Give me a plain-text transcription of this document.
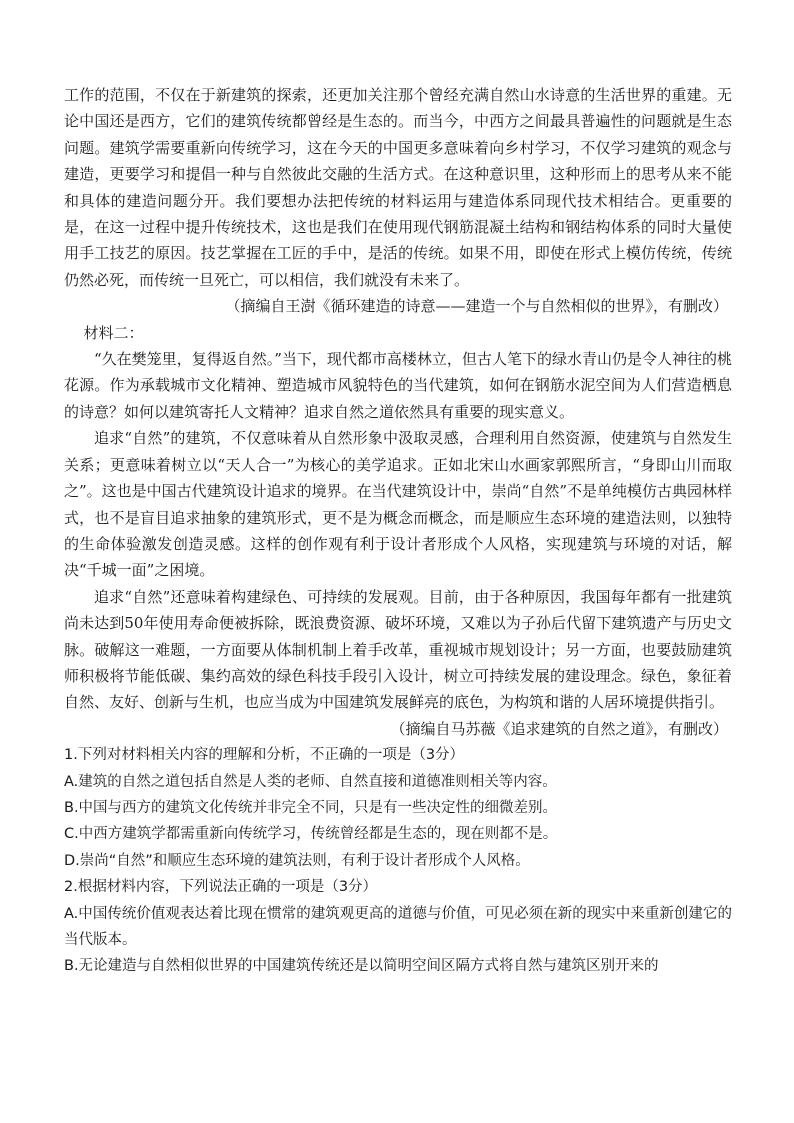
工作的范围，不仅在于新建筑的探索，还更加关注那个曾经充满自然山水诗意的生活世界的重建。无论中国还是西方，它们的建筑传统都曾经是生态的。而当今，中西方之间最具普遍性的问题就是生态问题。建筑学需要重新向传统学习，这在今天的中国更多意味着向乡村学习，不仅学习建筑的观念与建造，更要学习和提倡一种与自然彼此交融的生活方式。在这种意识里，这种形而上的思考从来不能和具体的建造问题分开。我们要想办法把传统的材料运用与建造体系同现代技术相结合。更重要的是，在这一过程中提升传统技术，这也是我们在使用现代钢筋混凝土结构和钢结构体系的同时大量使用手工技艺的原因。技艺掌握在工匠的手中，是活的传统。如果不用，即使在形式上模仿传统，传统仍然必死，而传统一旦死亡，可以相信，我们就没有未来了。

（摘编自王澍《循环建造的诗意——建造一个与自然相似的世界》，有删改）

材料二：

“久在樊笼里，复得返自然。”当下，现代都市高楼林立，但古人笔下的绿水青山仍是令人神往的桃花源。作为承载城市文化精神、塑造城市风貌特色的当代建筑，如何在钢筋水泥空间为人们营造栖息的诗意？如何以建筑寄托人文精神？追求自然之道依然具有重要的现实意义。

追求“自然”的建筑，不仅意味着从自然形象中汲取灵感，合理利用自然资源，使建筑与自然发生关系；更意味着树立以“天人合一”为核心的美学追求。正如北宋山水画家郭熙所言，“身即山川而取之”。这也是中国古代建筑设计追求的境界。在当代建筑设计中，崇尚“自然”不是单纯模仿古典园林样式，也不是盲目追求抽象的建筑形式，更不是为概念而概念，而是顺应生态环境的建造法则，以独特的生命体验激发创造灵感。这样的创作观有利于设计者形成个人风格，实现建筑与环境的对话，解决“千城一面”之困境。

追求“自然”还意味着构建绿色、可持续的发展观。目前，由于各种原因，我国每年都有一批建筑尚未达到50年使用寿命便被拆除，既浪费资源、破坏环境，又难以为子孙后代留下建筑遗产与历史文脉。破解这一难题，一方面要从体制机制上着手改革，重视城市规划设计；另一方面，也要鼓励建筑师积极将节能低碳、集约高效的绿色科技手段引入设计，树立可持续发展的建设理念。绿色，象征着自然、友好、创新与生机，也应当成为中国建筑发展鲜亮的底色，为构筑和谐的人居环境提供指引。

（摘编自马苏薇《追求建筑的自然之道》，有删改）

1.下列对材料相关内容的理解和分析，不正确的一项是（3分）

A.建筑的自然之道包括自然是人类的老师、自然直接和道德准则相关等内容。

B.中国与西方的建筑文化传统并非完全不同，只是有一些决定性的细微差别。

C.中西方建筑学都需重新向传统学习，传统曾经都是生态的，现在则都不是。

D.崇尚“自然”和顺应生态环境的建筑法则，有利于设计者形成个人风格。

2.根据材料内容，下列说法正确的一项是（3分）

A.中国传统价值观表达着比现在惯常的建筑观更高的道德与价值，可见必须在新的现实中来重新创建它的当代版本。

B.无论建造与自然相似世界的中国建筑传统还是以简明空间区隔方式将自然与建筑区别开来的
